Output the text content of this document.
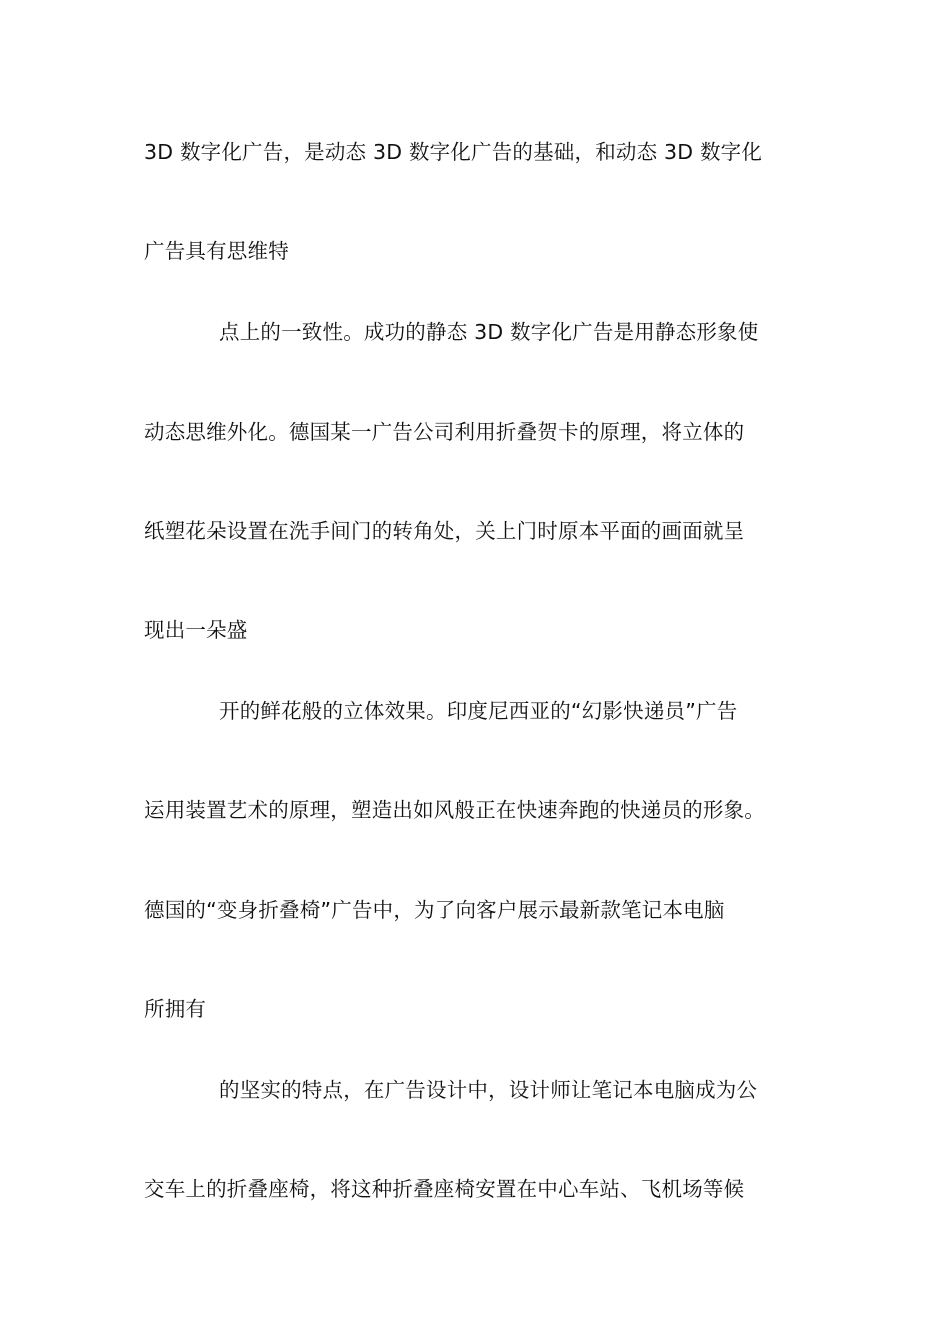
3D 数字化广告，是动态 3D 数字化广告的基础，和动态 3D 数字化
广告具有思维特
点上的一致性。成功的静态 3D 数字化广告是用静态形象使
动态思维外化。德国某一广告公司利用折叠贺卡的原理，将立体的
纸塑花朵设置在洗手间门的转角处，关上门时原本平面的画面就呈
现出一朵盛
开的鲜花般的立体效果。印度尼西亚的“幻影快递员”广告
运用装置艺术的原理，塑造出如风般正在快速奔跑的快递员的形象。
德国的“变身折叠椅”广告中，为了向客户展示最新款笔记本电脑
所拥有
的坚实的特点，在广告设计中，设计师让笔记本电脑成为公
交车上的折叠座椅，将这种折叠座椅安置在中心车站、飞机场等候
